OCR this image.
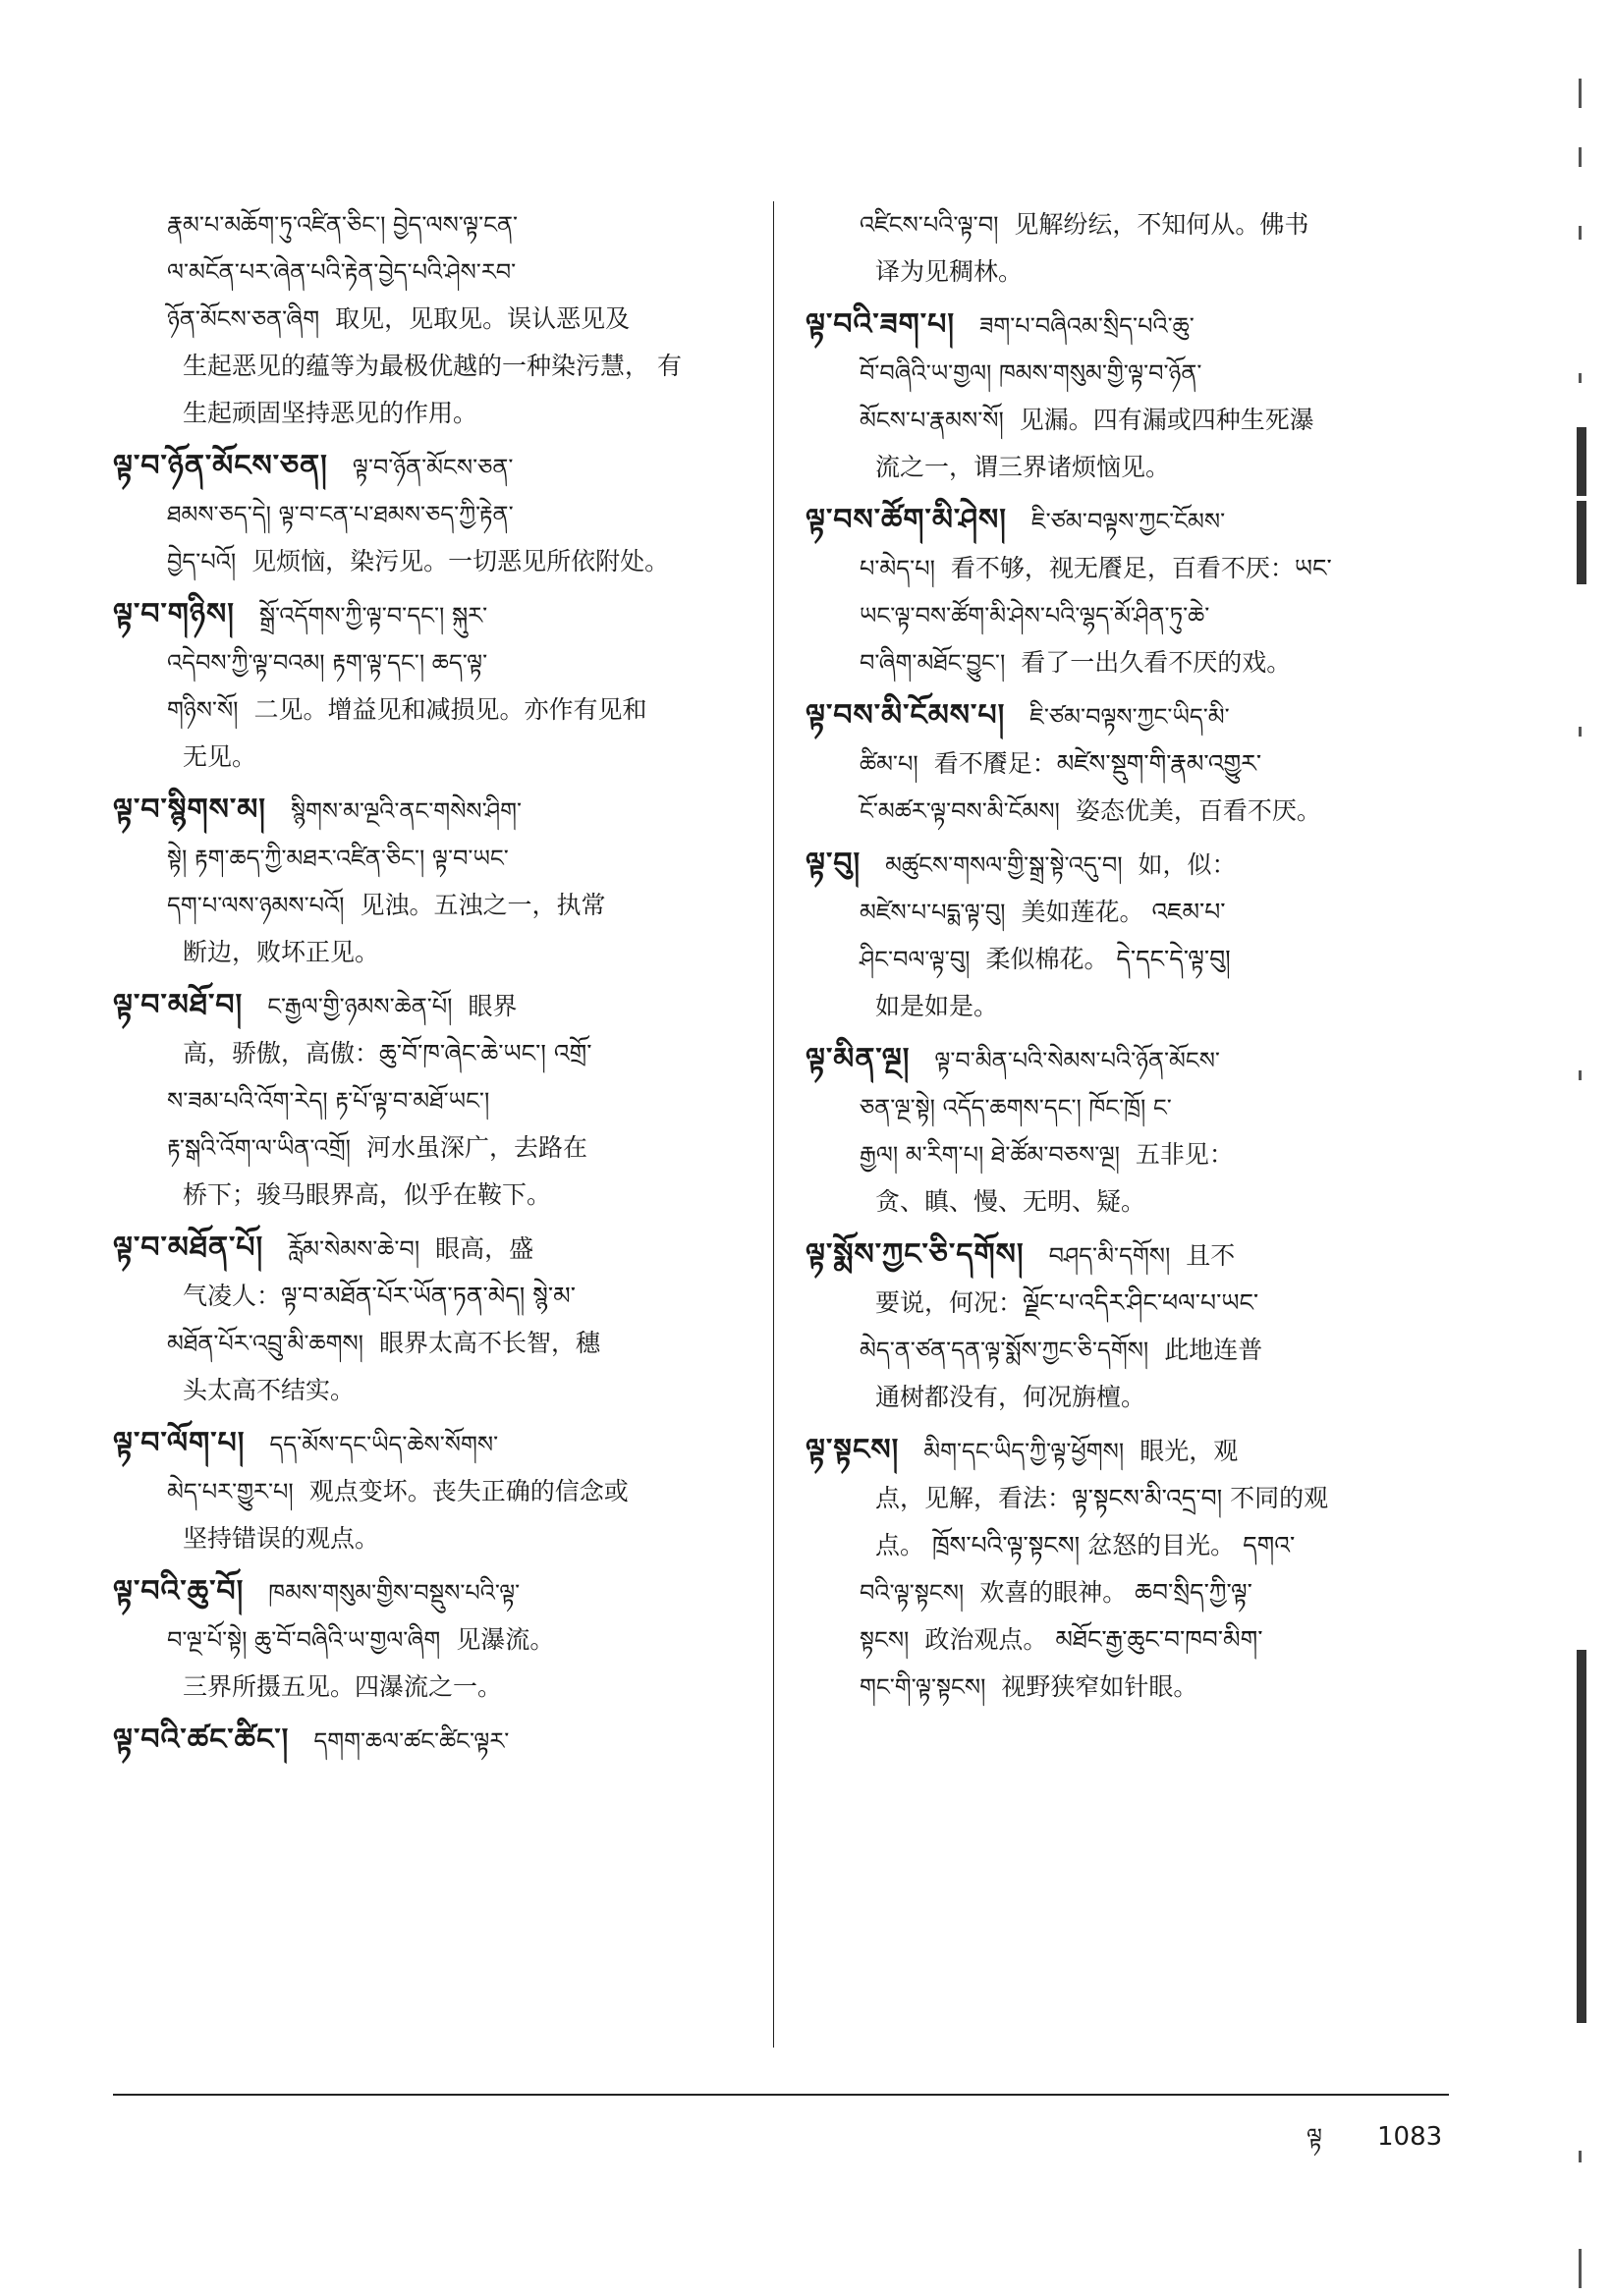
རྣམ་པ་མཆོག་ཏུ་འཛིན་ཅིང་། བྱེད་ལས་ལྟ་ངན་
ལ་མངོན་པར་ཞེན་པའི་རྟེན་བྱེད་པའི་ཤེས་རབ་
ཉོན་མོངས་ཅན་ཞིག 取见，见取见。误认恶见及
生起恶见的蕴等为最极优越的一种染污慧， 有
生起顽固坚持恶见的作用。
ལྟ་བ་ཉོན་མོངས་ཅན།  ལྟ་བ་ཉོན་མོངས་ཅན་
ཐམས་ཅད་དེ། ལྟ་བ་ངན་པ་ཐམས་ཅད་ཀྱི་རྟེན་
བྱེད་པའོ། 见烦恼，染污见。一切恶见所依附处。
ལྟ་བ་གཉིས།  སྒྲོ་འདོགས་ཀྱི་ལྟ་བ་དང་། སྐུར་
འདེབས་ཀྱི་ལྟ་བའམ། རྟག་ལྟ་དང་། ཆད་ལྟ་
གཉིས་སོ། 二见。增益见和减损见。亦作有见和
无见。
ལྟ་བ་སྙིགས་མ།  སྙིགས་མ་ལྔའི་ནང་གསེས་ཤིག་
སྟེ། རྟག་ཆད་ཀྱི་མཐར་འཛིན་ཅིང་། ལྟ་བ་ཡང་
དག་པ་ལས་ཉམས་པའོ། 见浊。五浊之一，执常
断边，败坏正见。
ལྟ་བ་མཐོ་བ།  ང་རྒྱལ་གྱི་ཉམས་ཆེན་པོ། 眼界
高，骄傲，高傲：ཆུ་བོ་ཁ་ཞེང་ཆེ་ཡང་། འགྲོ་
ས་ཟམ་པའི་འོག་རེད། རྟ་པོ་ལྟ་བ་མཐོ་ཡང་།
རྟ་སྒའི་འོག་ལ་ཡིན་འགྲོ། 河水虽深广，去路在
桥下；骏马眼界高，似乎在鞍下。
ལྟ་བ་མཐོན་པོ།  རློམ་སེམས་ཆེ་བ། 眼高，盛
气凌人：ལྟ་བ་མཐོན་པོར་ཡོན་ཏན་མེད། སྙེ་མ་
མཐོན་པོར་འབྲུ་མི་ཆགས། 眼界太高不长智，穗
头太高不结实。
ལྟ་བ་ལོག་པ།  དད་མོས་དང་ཡིད་ཆེས་སོགས་
མེད་པར་གྱུར་པ། 观点变坏。丧失正确的信念或
坚持错误的观点。
ལྟ་བའི་ཆུ་བོ།  ཁམས་གསུམ་གྱིས་བསྡུས་པའི་ལྟ་
བ་ལྔ་པོ་སྟེ། ཆུ་བོ་བཞིའི་ཡ་གྱལ་ཞིག 见瀑流。
三界所摄五见。四瀑流之一。
ལྟ་བའི་ཚང་ཚིང་།  དགག་ཆལ་ཚང་ཚིང་ལྟར་
འཛིངས་པའི་ལྟ་བ། 见解纷纭，不知何从。佛书
译为见稠林。
ལྟ་བའི་ཟག་པ།  ཟག་པ་བཞིའམ་སྲིད་པའི་ཆུ་
བོ་བཞིའི་ཡ་གྱལ། ཁམས་གསུམ་གྱི་ལྟ་བ་ཉོན་
མོངས་པ་རྣམས་སོ། 见漏。四有漏或四种生死瀑
流之一，谓三界诸烦恼见。
ལྟ་བས་ཚོག་མི་ཤེས།  ཇི་ཙམ་བལྟས་ཀྱང་ངོམས་
པ་མེད་པ། 看不够，视无餍足，百看不厌：ཡང་
ཡང་ལྟ་བས་ཚོག་མི་ཤེས་པའི་ལྷད་མོ་ཤིན་ཏུ་ཆེ་
བ་ཞིག་མཐོང་བྱུང་། 看了一出久看不厌的戏。
ལྟ་བས་མི་ངོམས་པ།  ཇི་ཙམ་བལྟས་ཀྱང་ཡིད་མི་
ཚིམ་པ། 看不餍足：མཛེས་སྡུག་གི་རྣམ་འགྱུར་
ངོ་མཚར་ལྟ་བས་མི་ངོམས། 姿态优美，百看不厌。
ལྟ་བུ།  མཚུངས་གསལ་གྱི་སྒྲ་སྟེ་འདུ་བ། 如，似：
མཛེས་པ་པདྨ་ལྟ་བུ། 美如莲花。 འཇམ་པ་
ཤིང་བལ་ལྟ་བུ། 柔似棉花。 དེ་དང་དེ་ལྟ་བུ།
如是如是。
ལྟ་མིན་ལྔ།  ལྟ་བ་མིན་པའི་སེམས་པའི་ཉོན་མོངས་
ཅན་ལྔ་སྟེ། འདོད་ཆགས་དང་། ཁོང་ཁྲོ། ང་
རྒྱལ། མ་རིག་པ། ཐེ་ཚོམ་བཅས་ལྔ། 五非见：
贪、瞋、慢、无明、疑。
ལྟ་སྨོས་ཀྱང་ཅི་དགོས།  བཤད་མི་དགོས། 且不
要说，何况：ལྗོང་པ་འདིར་ཤིང་ཕལ་པ་ཡང་
མེད་ན་ཙན་དན་ལྟ་སྨོས་ཀྱང་ཅི་དགོས། 此地连普
通树都没有，何况旃檀。
ལྟ་སྟངས།  མིག་དང་ཡིད་ཀྱི་ལྟ་ཕྱོགས། 眼光，观
点，见解，看法：ལྟ་སྟངས་མི་འདྲ་བ། 不同的观
点。 ཁྲོས་པའི་ལྟ་སྟངས། 忿怒的目光。 དགའ་
བའི་ལྟ་སྟངས། 欢喜的眼神。 ཆབ་སྲིད་ཀྱི་ལྟ་
སྟངས། 政治观点。 མཐོང་རྒྱ་ཆུང་བ་ཁབ་མིག་
གང་གི་ལྟ་སྟངས། 视野狭窄如针眼。
ལྟ 1083
